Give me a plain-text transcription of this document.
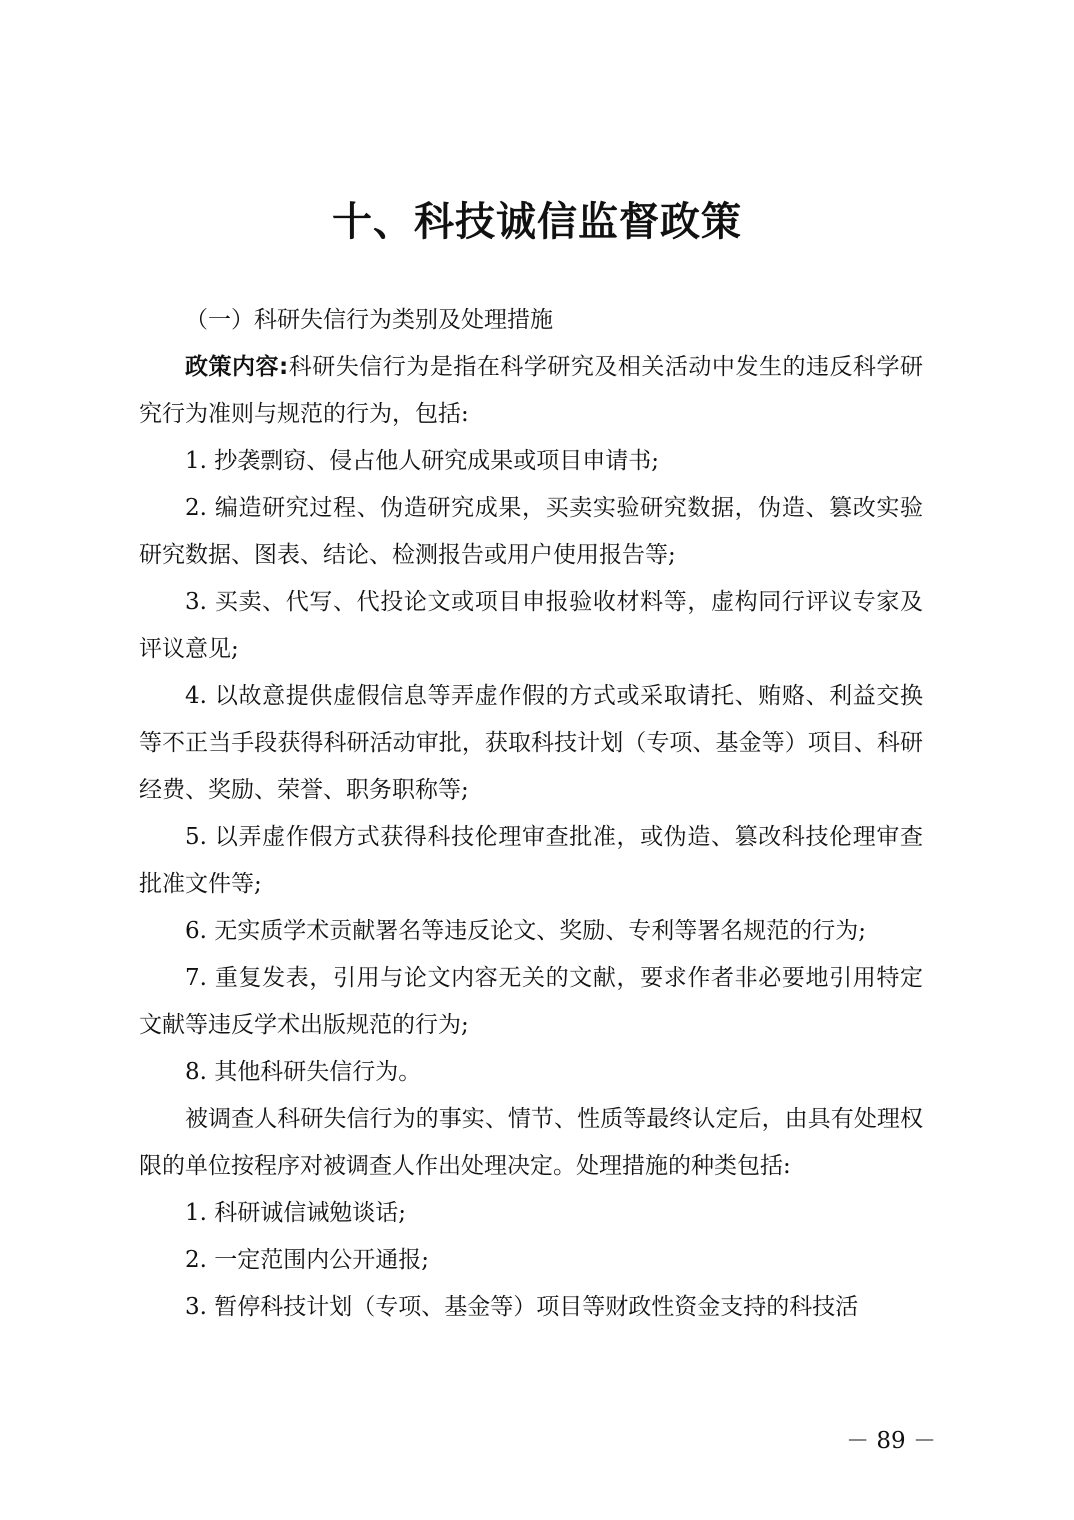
十、科技诚信监督政策

（一）科研失信行为类别及处理措施

政策内容:科研失信行为是指在科学研究及相关活动中发生的违反科学研究行为准则与规范的行为，包括:

1. 抄袭剽窃、侵占他人研究成果或项目申请书;

2. 编造研究过程、伪造研究成果，买卖实验研究数据，伪造、篡改实验研究数据、图表、结论、检测报告或用户使用报告等;

3. 买卖、代写、代投论文或项目申报验收材料等，虚构同行评议专家及评议意见;

4. 以故意提供虚假信息等弄虚作假的方式或采取请托、贿赂、利益交换等不正当手段获得科研活动审批，获取科技计划（专项、基金等）项目、科研经费、奖励、荣誉、职务职称等;

5. 以弄虚作假方式获得科技伦理审查批准，或伪造、篡改科技伦理审查批准文件等;

6. 无实质学术贡献署名等违反论文、奖励、专利等署名规范的行为;

7. 重复发表，引用与论文内容无关的文献，要求作者非必要地引用特定文献等违反学术出版规范的行为;

8. 其他科研失信行为。

被调查人科研失信行为的事实、情节、性质等最终认定后，由具有处理权限的单位按程序对被调查人作出处理决定。处理措施的种类包括:

1. 科研诚信诫勉谈话;

2. 一定范围内公开通报;

3. 暂停科技计划（专项、基金等）项目等财政性资金支持的科技活

－ 89 －
